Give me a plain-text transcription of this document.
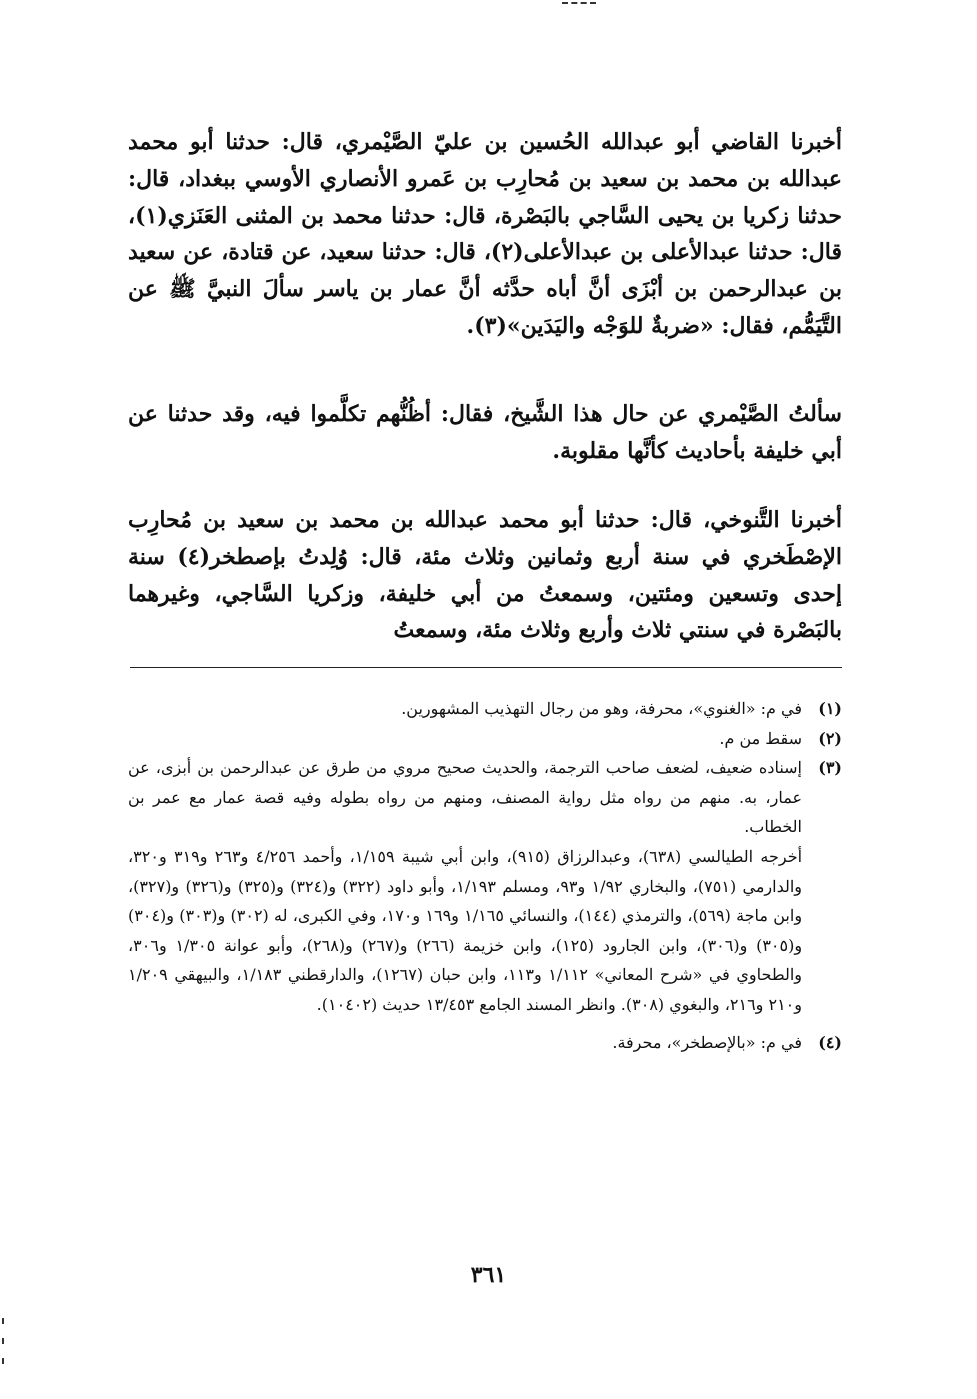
أخبرنا القاضي أبو عبدالله الحُسين بن عليّ الصَّيْمري، قال: حدثنا أبو محمد عبدالله بن محمد بن سعيد بن مُحارِب بن عَمرو الأنصاري الأوسي ببغداد، قال: حدثنا زكريا بن يحيى السَّاجي بالبَصْرة، قال: حدثنا محمد بن المثنى العَنَزي(١)، قال: حدثنا عبدالأعلى بن عبدالأعلى(٢)، قال: حدثنا سعيد، عن قتادة، عن سعيد بن عبدالرحمن بن أبْزَى أنَّ أباه حدَّثه أنَّ عمار بن ياسر سألَ النبيَّ ﷺ عن التَّيَمُّم، فقال: «ضربةٌ للوَجْه واليَدَين»(٣).

سألتُ الصَّيْمري عن حال هذا الشَّيخ، فقال: أظُنُّهم تكلَّموا فيه، وقد حدثنا عن أبي خليفة بأحاديث كأنَّها مقلوبة.

أخبرنا التَّنوخي، قال: حدثنا أبو محمد عبدالله بن محمد بن سعيد بن مُحارِب الإصْطَخري في سنة أربع وثمانين وثلاث مئة، قال: وُلِدتُ بإصطخر(٤) سنة إحدى وتسعين ومئتين، وسمعتُ من أبي خليفة، وزكريا السَّاجي، وغيرهما بالبَصْرة في سنتي ثلاث وأربع وثلاث مئة، وسمعتُ

(١)

في م: «الغنوي»، محرفة، وهو من رجال التهذيب المشهورين.

(٢)

سقط من م.

(٣)

إسناده ضعيف، لضعف صاحب الترجمة، والحديث صحيح مروي من طرق عن عبدالرحمن بن أبزى، عن عمار، به. منهم من رواه مثل رواية المصنف، ومنهم من رواه بطوله وفيه قصة عمار مع عمر بن الخطاب.

أخرجه الطيالسي (٦٣٨)، وعبدالرزاق (٩١٥)، وابن أبي شيبة ١/١٥٩، وأحمد ٤/٢٥٦ و٢٦٣ و٣١٩ و٣٢٠، والدارمي (٧٥١)، والبخاري ١/٩٢ و٩٣، ومسلم ١/١٩٣، وأبو داود (٣٢٢) و(٣٢٤) و(٣٢٥) و(٣٢٦) و(٣٢٧)، وابن ماجة (٥٦٩)، والترمذي (١٤٤)، والنسائي ١/١٦٥ و١٦٩ و١٧٠، وفي الكبرى، له (٣٠٢) و(٣٠٣) و(٣٠٤) و(٣٠٥) و(٣٠٦)، وابن الجارود (١٢٥)، وابن خزيمة (٢٦٦) و(٢٦٧) و(٢٦٨)، وأبو عوانة ١/٣٠٥ و٣٠٦، والطحاوي في «شرح المعاني» ١/١١٢ و١١٣، وابن حبان (١٢٦٧)، والدارقطني ١/١٨٣، والبيهقي ١/٢٠٩ و٢١٠ و٢١٦، والبغوي (٣٠٨). وانظر المسند الجامع ١٣/٤٥٣ حديث (١٠٤٠٢).

(٤)

في م: «بالإصطخر»، محرفة.

٣٦١
